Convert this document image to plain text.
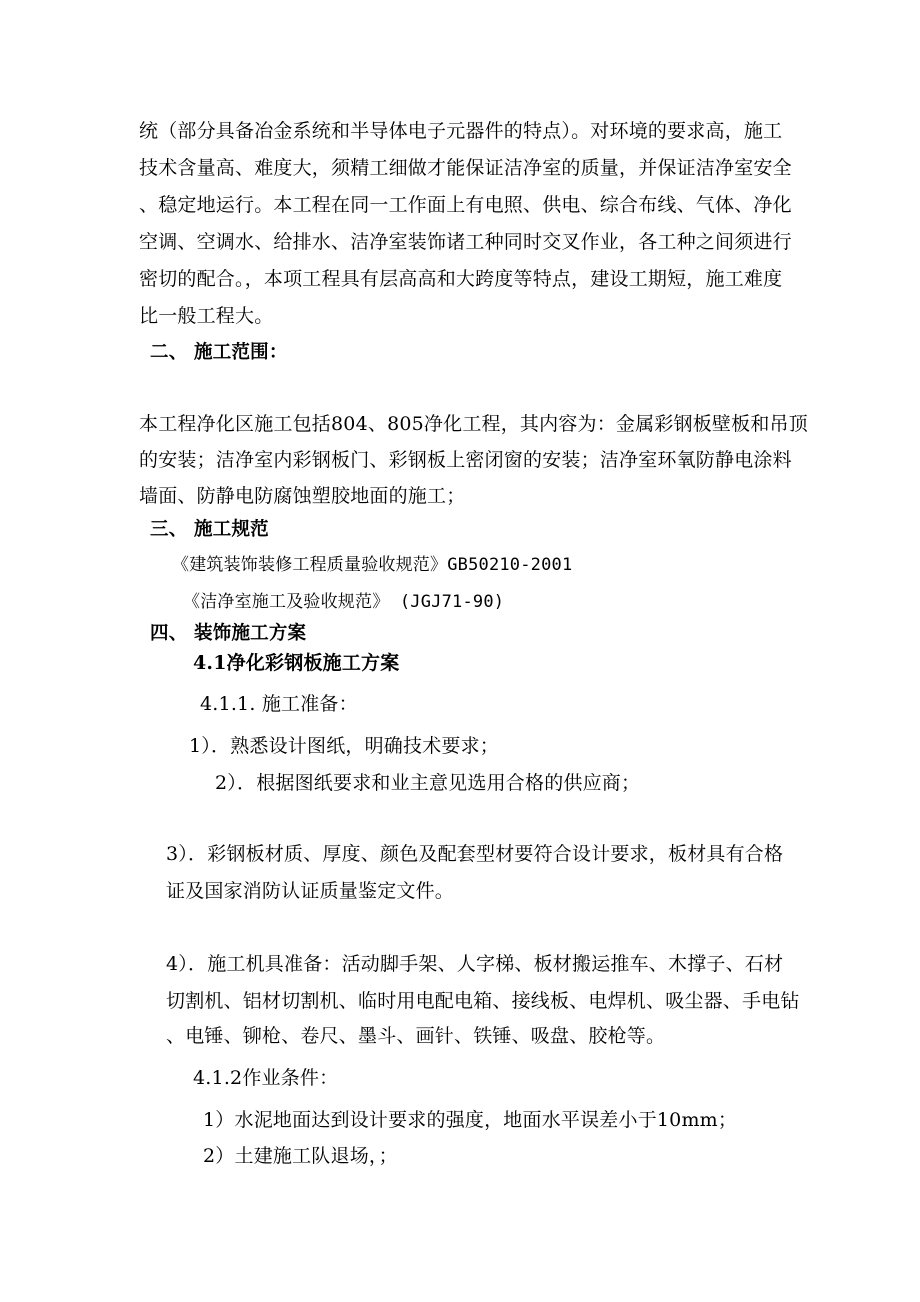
统（部分具备冶金系统和半导体电子元器件的特点）。对环境的要求高，施工
技术含量高、难度大，须精工细做才能保证洁净室的质量，并保证洁净室安全
、稳定地运行。本工程在同一工作面上有电照、供电、综合布线、气体、净化
空调、空调水、给排水、洁净室装饰诸工种同时交叉作业，各工种之间须进行
密切的配合。，本项工程具有层高高和大跨度等特点，建设工期短，施工难度
比一般工程大。
二、 施工范围：
本工程净化区施工包括804、805净化工程，其内容为：金属彩钢板壁板和吊顶
的安装；洁净室内彩钢板门、彩钢板上密闭窗的安装；洁净室环氧防静电涂料
墙面、防静电防腐蚀塑胶地面的施工；
三、 施工规范
《建筑装饰装修工程质量验收规范》GB50210-2001
《洁净室施工及验收规范》 (JGJ71-90)
四、 装饰施工方案
4.1净化彩钢板施工方案
4.1.1. 施工准备：
1）．熟悉设计图纸，明确技术要求；
2）．根据图纸要求和业主意见选用合格的供应商；
3）．彩钢板材质、厚度、颜色及配套型材要符合设计要求，板材具有合格
证及国家消防认证质量鉴定文件。
4）．施工机具准备：活动脚手架、人字梯、板材搬运推车、木撑子、石材
切割机、铝材切割机、临时用电配电箱、接线板、电焊机、吸尘器、手电钻
、电锤、铆枪、卷尺、墨斗、画针、铁锤、吸盘、胶枪等。
4.1.2作业条件：
1）水泥地面达到设计要求的强度，地面水平误差小于10mm；
2）土建施工队退场，；
